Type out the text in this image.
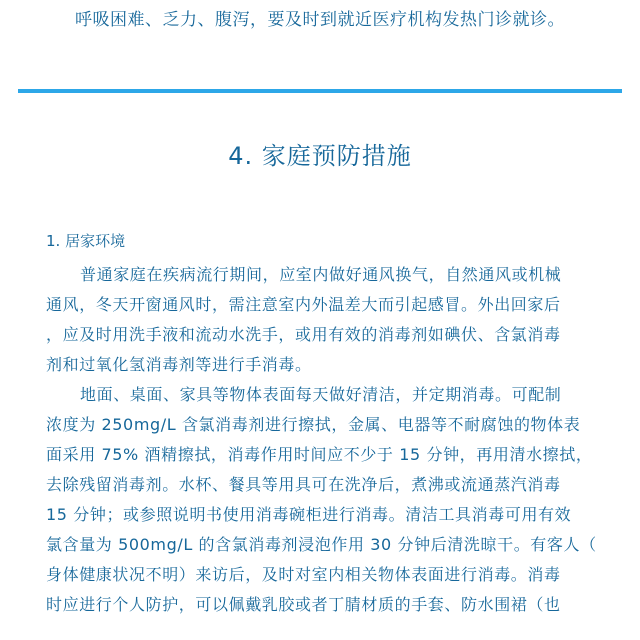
呼吸困难、乏力、腹泻，要及时到就近医疗机构发热门诊就诊。
4. 家庭预防措施
1. 居家环境
普通家庭在疾病流行期间，应室内做好通风换气，自然通风或机械
通风，冬天开窗通风时，需注意室内外温差大而引起感冒。外出回家后
，应及时用洗手液和流动水洗手，或用有效的消毒剂如碘伏、含氯消毒
剂和过氧化氢消毒剂等进行手消毒。
地面、桌面、家具等物体表面每天做好清洁，并定期消毒。可配制
浓度为 250mg/L 含氯消毒剂进行擦拭，金属、电器等不耐腐蚀的物体表
面采用 75% 酒精擦拭，消毒作用时间应不少于 15 分钟，再用清水擦拭，
去除残留消毒剂。水杯、餐具等用具可在洗净后，煮沸或流通蒸汽消毒
15 分钟；或参照说明书使用消毒碗柜进行消毒。清洁工具消毒可用有效
氯含量为 500mg/L 的含氯消毒剂浸泡作用 30 分钟后清洗晾干。有客人（
身体健康状况不明）来访后，及时对室内相关物体表面进行消毒。消毒
时应进行个人防护，可以佩戴乳胶或者丁腈材质的手套、防水围裙（也
